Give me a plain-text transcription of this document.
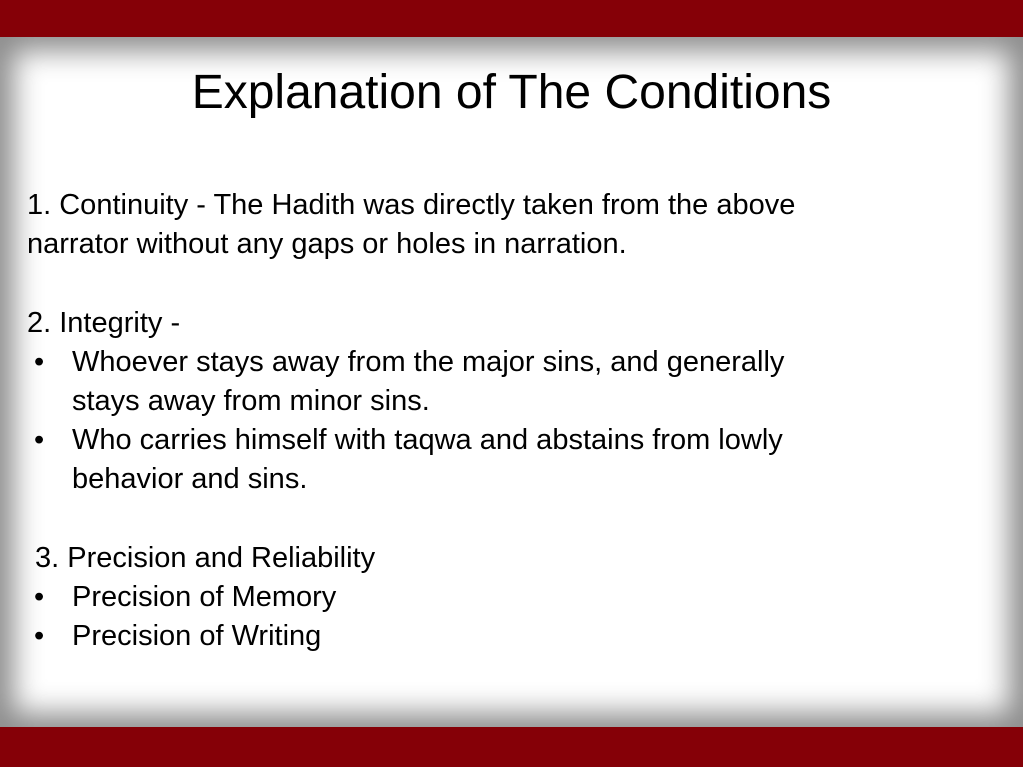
Explanation of The Conditions
1. Continuity - The Hadith was directly taken from the above
narrator without any gaps or holes in narration.
2. Integrity -
• Whoever stays away from the major sins, and generally
stays away from minor sins.
• Who carries himself with taqwa and abstains from lowly
behavior and sins.
3. Precision and Reliability
• Precision of Memory
• Precision of Writing
